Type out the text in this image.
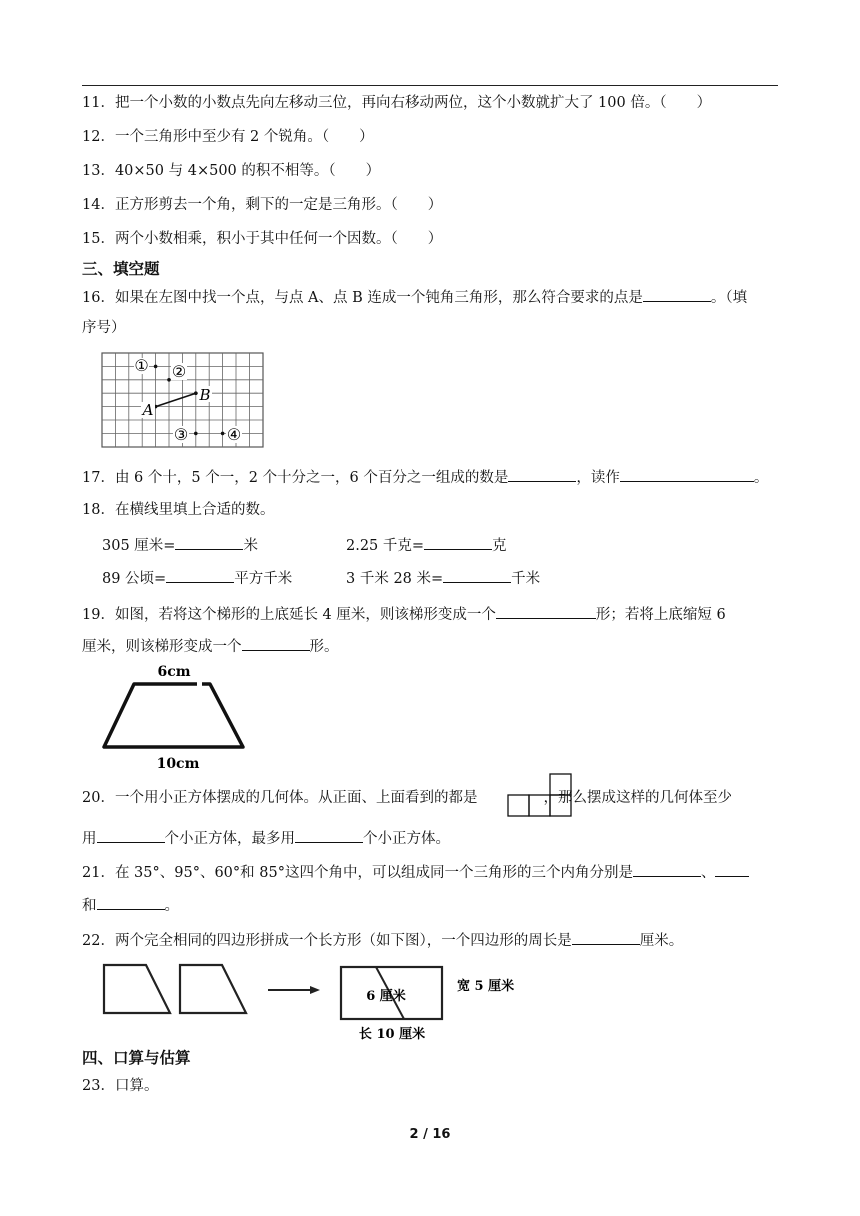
11．把一个小数的小数点先向左移动三位，再向右移动两位，这个小数就扩大了 100 倍。（ ）
12．一个三角形中至少有 2 个锐角。（ ）
13．40×50 与 4×500 的积不相等。（ ）
14．正方形剪去一个角，剩下的一定是三角形。（ ）
15．两个小数相乘，积小于其中任何一个因数。（ ）
三、填空题
16．如果在左图中找一个点，与点 A、点 B 连成一个钝角三角形，那么符合要求的点是	。（填
序号）
① ②
③ ④
A
B
17．由 6 个十，5 个一，2 个十分之一，6 个百分之一组成的数是	，读作	。
18．在横线里填上合适的数。
305 厘米=	米	2.25 千克=	克
89 公顷=	平方千米	3 千米 28 米=	千米
19．如图，若将这个梯形的上底延长 4 厘米，则该梯形变成一个	形；若将上底缩短 6
厘米，则该梯形变成一个	形。
6cm
10cm
20．一个用小正方体摆成的几何体。从正面、上面看到的都是	，那么摆成这样的几何体至少
用	个小正方体，最多用	个小正方体。
21．在 35°、95°、60°和 85°这四个角中，可以组成同一个三角形的三个内角分别是	、
和	。
22．两个完全相同的四边形拼成一个长方形（如下图），一个四边形的周长是	厘米。
6 厘米
宽 5 厘米
长 10 厘米
四、口算与估算
23．口算。
2 / 16
